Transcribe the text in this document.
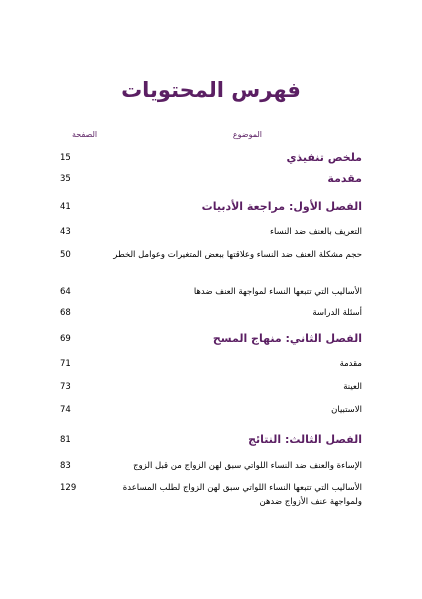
فهرس المحتويات
الموضوع
الصفحة
ملخص تنفيذي
15
مقدمة
35
الفصل الأول: مراجعة الأدبيات
41
التعريف بالعنف ضد النساء
43
حجم مشكلة العنف ضد النساء وعلاقتها ببعض المتغيرات وعوامل الخطر
50
الأساليب التي تتبعها النساء لمواجهة العنف ضدها
64
أسئلة الدراسة
68
الفصل الثاني: منهاج المسح
69
مقدمة
71
العينة
73
الاستبيان
74
الفصل الثالث: النتائج
81
الإساءة والعنف ضد النساء اللواتي سبق لهن الزواج من قبل الزوج
83
الأساليب التي تتبعها النساء اللواتي سبق لهن الزواج لطلب المساعدة ولمواجهة عنف الأزواج ضدهن
129
